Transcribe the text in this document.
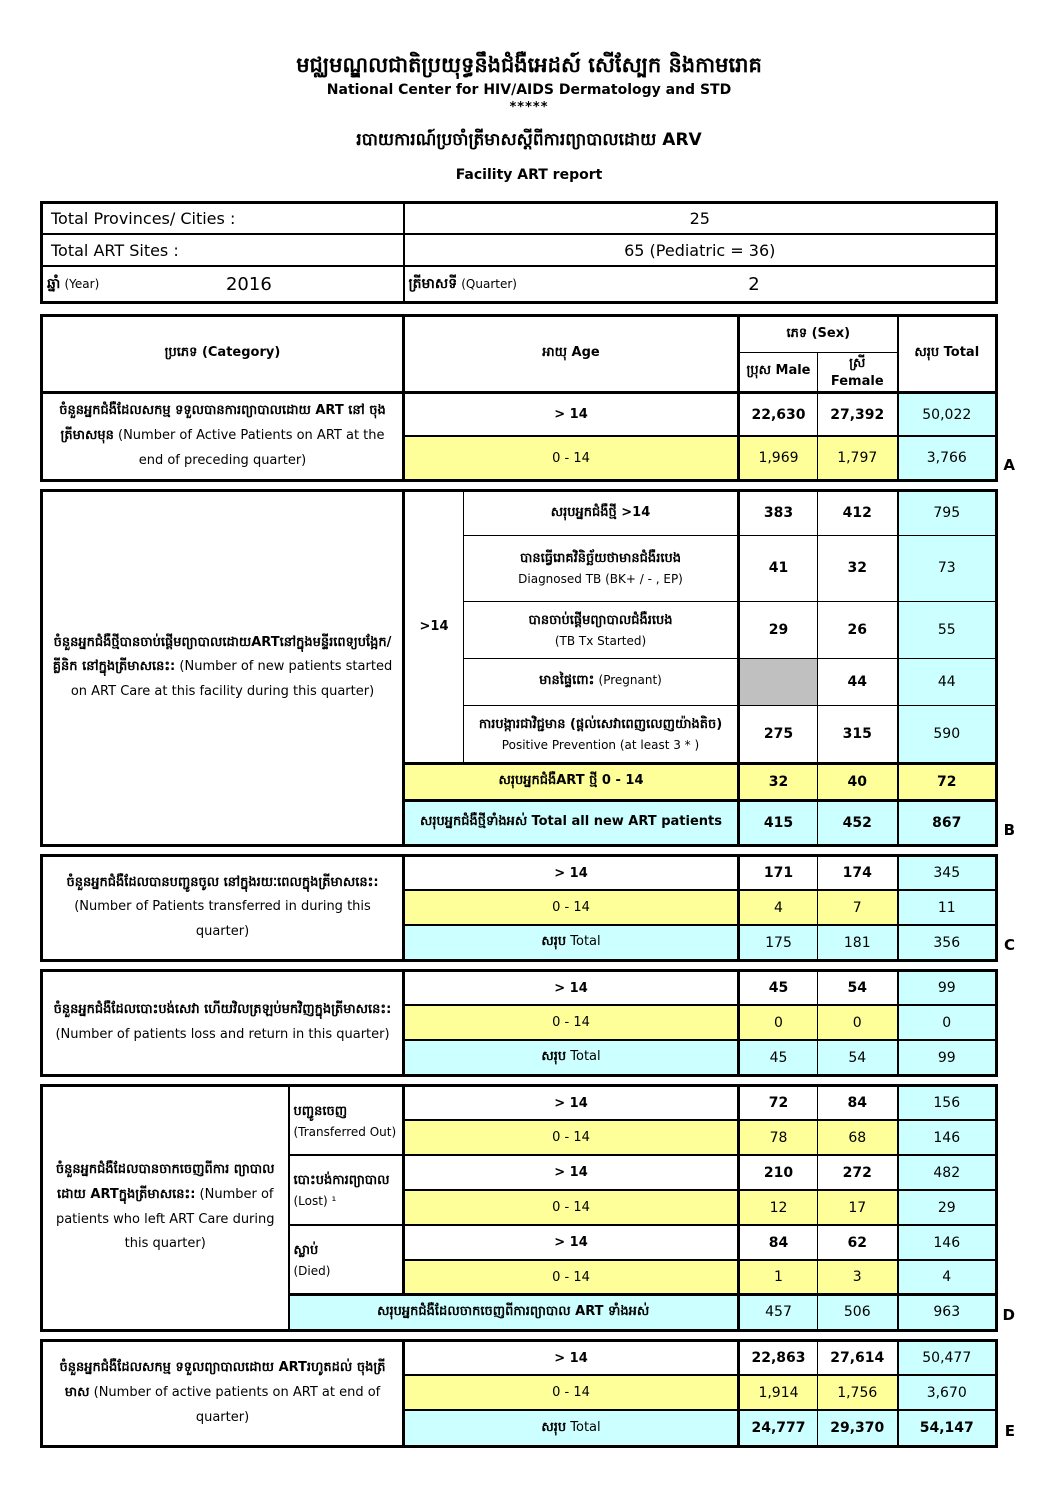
មជ្ឈមណ្ឌលជាតិប្រយុទ្ធនឹងជំងឺអេដស៍ សើស្បែក និងកាមរោគ
National Center for HIV/AIDS Dermatology and STD
*****
របាយការណ៍ប្រចាំត្រីមាសស្តីពីការព្យាបាលដោយ ARV
Facility ART report
Total Provinces/ Cities :	25
Total ART Sites :	65 (Pediatric = 36)

ឆ្នាំ (Year) 2016	ត្រីមាសទី (Quarter) 2
ប្រភេទ (Category)	អាយុ Age	ភេទ (Sex)		សរុប Total
		ប្រុស Male	ស្រី Female	
ចំនួនអ្នកជំងឺដែលសកម្ម ទទួលបានការព្យាបាលដោយ ART នៅ ចុង ត្រីមាសមុន (Number of Active Patients on ART at the end of preceding quarter)	> 14	22,630	27,392	50,022
	0 - 14	1,969	1,797	3,766 A
ចំនួនអ្នកជំងឺថ្មីបានចាប់ផ្តើមព្យាបាលដោយARTនៅក្នុងមន្ទីរពេទ្យបង្អែក/ គ្លីនិក នៅក្នុងត្រីមាសនេះ: (Number of new patients started on ART Care at this facility during this quarter)	>14	សរុបអ្នកជំងឺថ្មី >14	383	412	795

		បានធ្វើរោគវិនិច្ឆ័យថាមានជំងឺរបេង
Diagnosed TB (BK+ / - , EP)	41	32	73

		បានចាប់ផ្តើមព្យាបាលជំងឺរបេង
(TB Tx Started)	29	26	55
		មានផ្ទៃពោះ (Pregnant)		44	44

		ការបង្ការជាវិជ្ជមាន (ផ្តល់សេវាពេញលេញយ៉ាងតិច)
Positive Prevention (at least 3 * )	275	315	590
	សរុបអ្នកជំងឺART ថ្មី 0 - 14		32	40	72
	សរុបអ្នកជំងឺថ្មីទាំងអស់ Total all new ART patients		415	452	867	B
ចំនួនអ្នកជំងឺដែលបានបញ្ជូនចូល នៅក្នុងរយៈពេលក្នុងត្រីមាសនេះ: (Number of Patients transferred in during this quarter)	> 14	171	174	345
	0 - 14	4	7	11
	សរុប Total	175	181	356	C
ចំនួនអ្នកជំងឺដែលបោះបង់សេវា ហើយវិលត្រឡប់មកវិញក្នុងត្រីមាសនេះ: (Number of patients loss and return in this quarter)	> 14	45	54	99
	0 - 14	0	0	0
	សរុប Total	45	54	99
ចំនួនអ្នកជំងឺដែលបានចាកចេញពីការ ព្យាបាល ដោយ ARTក្នុងត្រីមាសនេះ: (Number of patients who left ART Care during this quarter)	បញ្ជូនចេញ
(Transferred Out)	> 14	72	84	156
		0 - 14	78	68	146

	បោះបង់ការព្យាបាល
(Lost) ¹	> 14	210	272	482
		0 - 14	12	17	29

	ស្លាប់
(Died)	> 14	84	62	146
		0 - 14	1	3	4
	សរុបអ្នកជំងឺដែលចាកចេញពីការព្យាបាល ART ទាំងអស់		457	506	963	D
ចំនួនអ្នកជំងឺដែលសកម្ម ទទួលព្យាបាលដោយ ARTរហូតដល់ ចុងត្រីមាស (Number of active patients on ART at end of quarter)	> 14	22,863	27,614	50,477
	0 - 14	1,914	1,756	3,670
	សរុប Total	24,777	29,370	54,147 E
